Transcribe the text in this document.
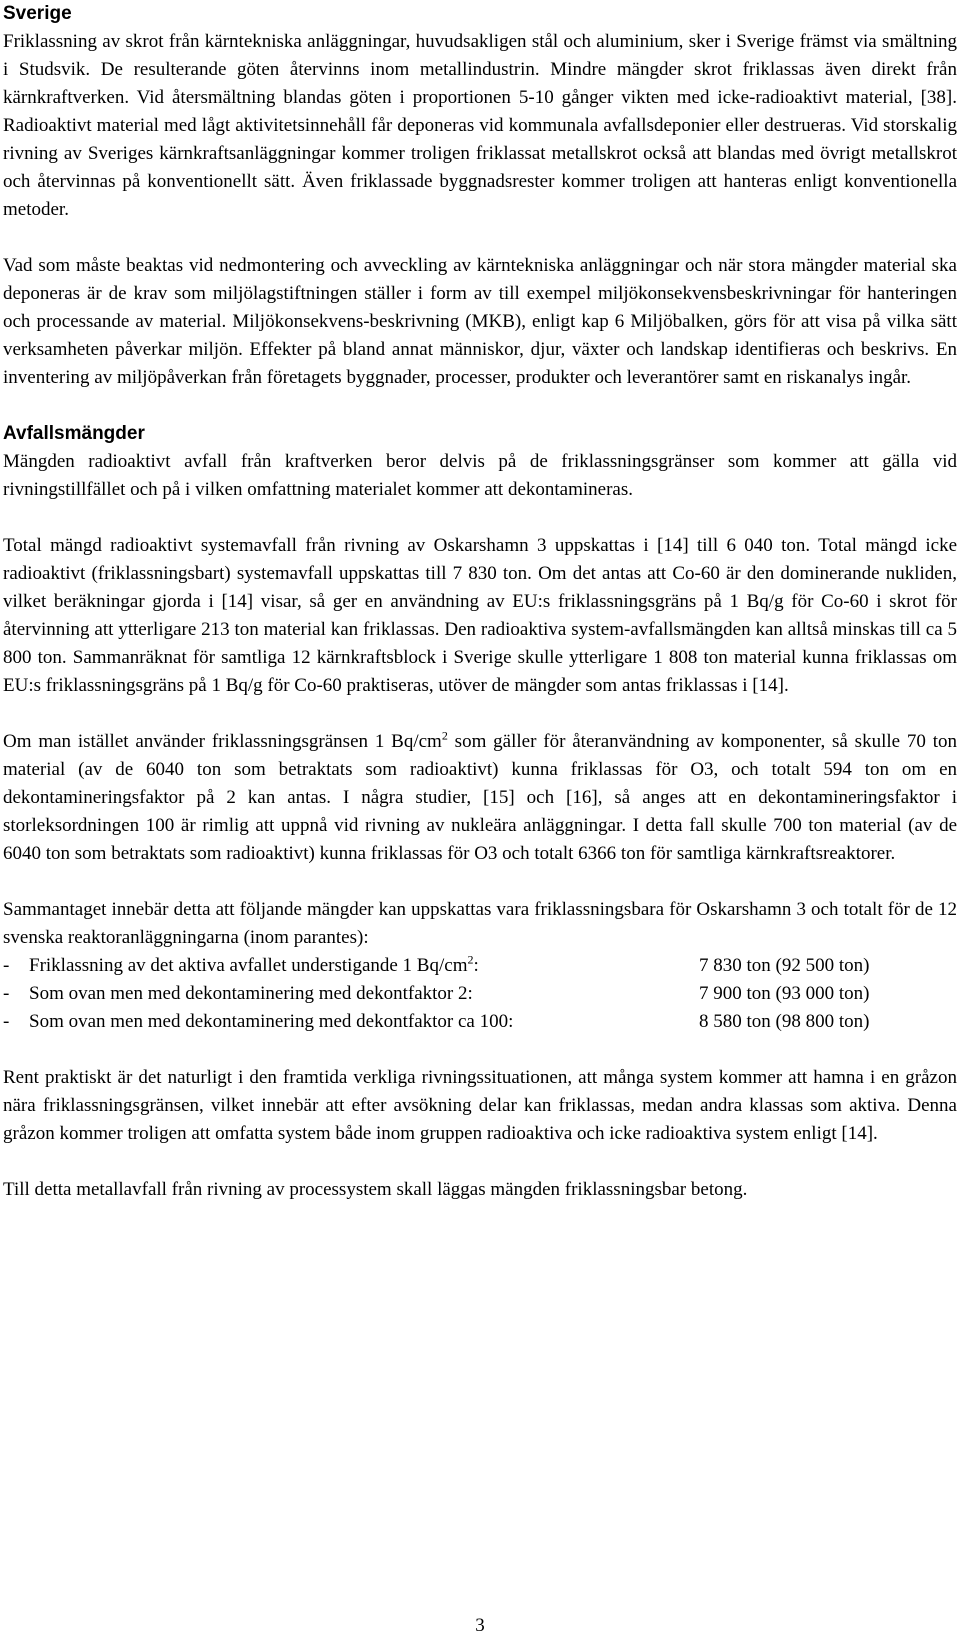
Sverige

Friklassning av skrot från kärntekniska anläggningar, huvudsakligen stål och aluminium, sker i Sverige främst via smältning i Studsvik. De resulterande göten återvinns inom metallindustrin. Mindre mängder skrot friklassas även direkt från kärnkraftverken. Vid återsmältning blandas göten i proportionen 5-10 gånger vikten med icke-radioaktivt material, [38]. Radioaktivt material med lågt aktivitetsinnehåll får deponeras vid kommunala avfallsdeponier eller destrueras. Vid storskalig rivning av Sveriges kärnkraftsanläggningar kommer troligen friklassat metallskrot också att blandas med övrigt metallskrot och återvinnas på konventionellt sätt. Även friklassade byggnadsrester kommer troligen att hanteras enligt konventionella metoder.

Vad som måste beaktas vid nedmontering och avveckling av kärntekniska anläggningar och när stora mängder material ska deponeras är de krav som miljölagstiftningen ställer i form av till exempel miljökonsekvensbeskrivningar för hanteringen och processande av material. Miljökonsekvens-beskrivning (MKB), enligt kap 6 Miljöbalken, görs för att visa på vilka sätt verksamheten påverkar miljön. Effekter på bland annat människor, djur, växter och landskap identifieras och beskrivs. En inventering av miljöpåverkan från företagets byggnader, processer, produkter och leverantörer samt en riskanalys ingår.

Avfallsmängder

Mängden radioaktivt avfall från kraftverken beror delvis på de friklassningsgränser som kommer att gälla vid rivningstillfället och på i vilken omfattning materialet kommer att dekontamineras.

Total mängd radioaktivt systemavfall från rivning av Oskarshamn 3 uppskattas i [14] till 6 040 ton. Total mängd icke radioaktivt (friklassningsbart) systemavfall uppskattas till 7 830 ton. Om det antas att Co-60 är den dominerande nukliden, vilket beräkningar gjorda i [14] visar, så ger en användning av EU:s friklassningsgräns på 1 Bq/g för Co-60 i skrot för återvinning att ytterligare 213 ton material kan friklassas. Den radioaktiva system-avfallsmängden kan alltså minskas till ca 5 800 ton. Sammanräknat för samtliga 12 kärnkraftsblock i Sverige skulle ytterligare 1 808 ton material kunna friklassas om EU:s friklassningsgräns på 1 Bq/g för Co-60 praktiseras, utöver de mängder som antas friklassas i [14].

Om man istället använder friklassningsgränsen 1 $Bq/cm^2$ som gäller för återanvändning av komponenter, så skulle 70 ton material (av de 6040 ton som betraktats som radioaktivt) kunna friklassas för O3, och totalt 594 ton om en dekontamineringsfaktor på 2 kan antas. I några studier, [15] och [16], så anges att en dekontamineringsfaktor i storleksordningen 100 är rimlig att uppnå vid rivning av nukleära anläggningar. I detta fall skulle 700 ton material (av de 6040 ton som betraktats som radioaktivt) kunna friklassas för O3 och totalt 6366 ton för samtliga kärnkraftsreaktorer.

Sammantaget innebär detta att följande mängder kan uppskattas vara friklassningsbara för Oskarshamn 3 och totalt för de 12 svenska reaktoranläggningarna (inom parantes):

-	Friklassning av det aktiva avfallet understigande 1 $Bq/cm^2$:	7 830 ton (92 500 ton)
-	Som ovan men med dekontaminering med dekontfaktor 2:	7 900 ton (93 000 ton)
-	Som ovan men med dekontaminering med dekontfaktor ca 100:	8 580 ton (98 800 ton)

Rent praktiskt är det naturligt i den framtida verkliga rivningssituationen, att många system kommer att hamna i en gråzon nära friklassningsgränsen, vilket innebär att efter avsökning delar kan friklassas, medan andra klassas som aktiva. Denna gråzon kommer troligen att omfatta system både inom gruppen radioaktiva och icke radioaktiva system enligt [14].

Till detta metallavfall från rivning av processystem skall läggas mängden friklassningsbar betong.

3
